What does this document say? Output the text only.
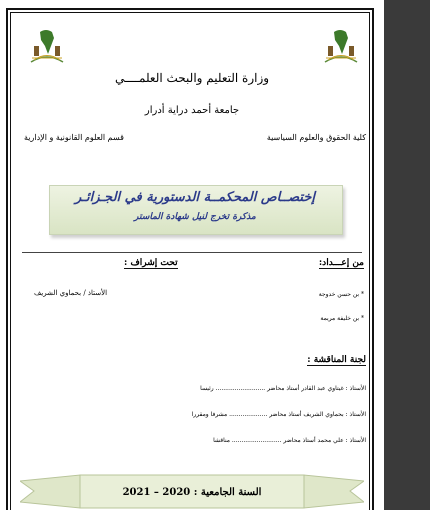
وزارة التعليم والبحث العلمــــي
جامعة أحمد دراية أدرار
كلية الحقوق والعلوم السياسية
قسم العلوم القانونية و الإدارية
إختصــاص المحكمــة الدستورية في الجـزائـر
مذكرة تخرج لنيل شهادة الماستر
من إعـــداد:
تحت إشراف :
* بن حسن خدوجة
الأستاذ / بحماوي الشريف
* بن خليفة مريمة
لجنة المناقشة :
الأستاذ : غيتاوي عبد القادر أستاذ محاضر .......................... رئيسا
الأستاذ : بحماوي الشريف أستاذ محاضر .................... مشرفا ومقررا
الأستاذ : علي محمد أستاذ محاضر .......................... مناقشا
السنة الجامعية : 2020 – 2021
